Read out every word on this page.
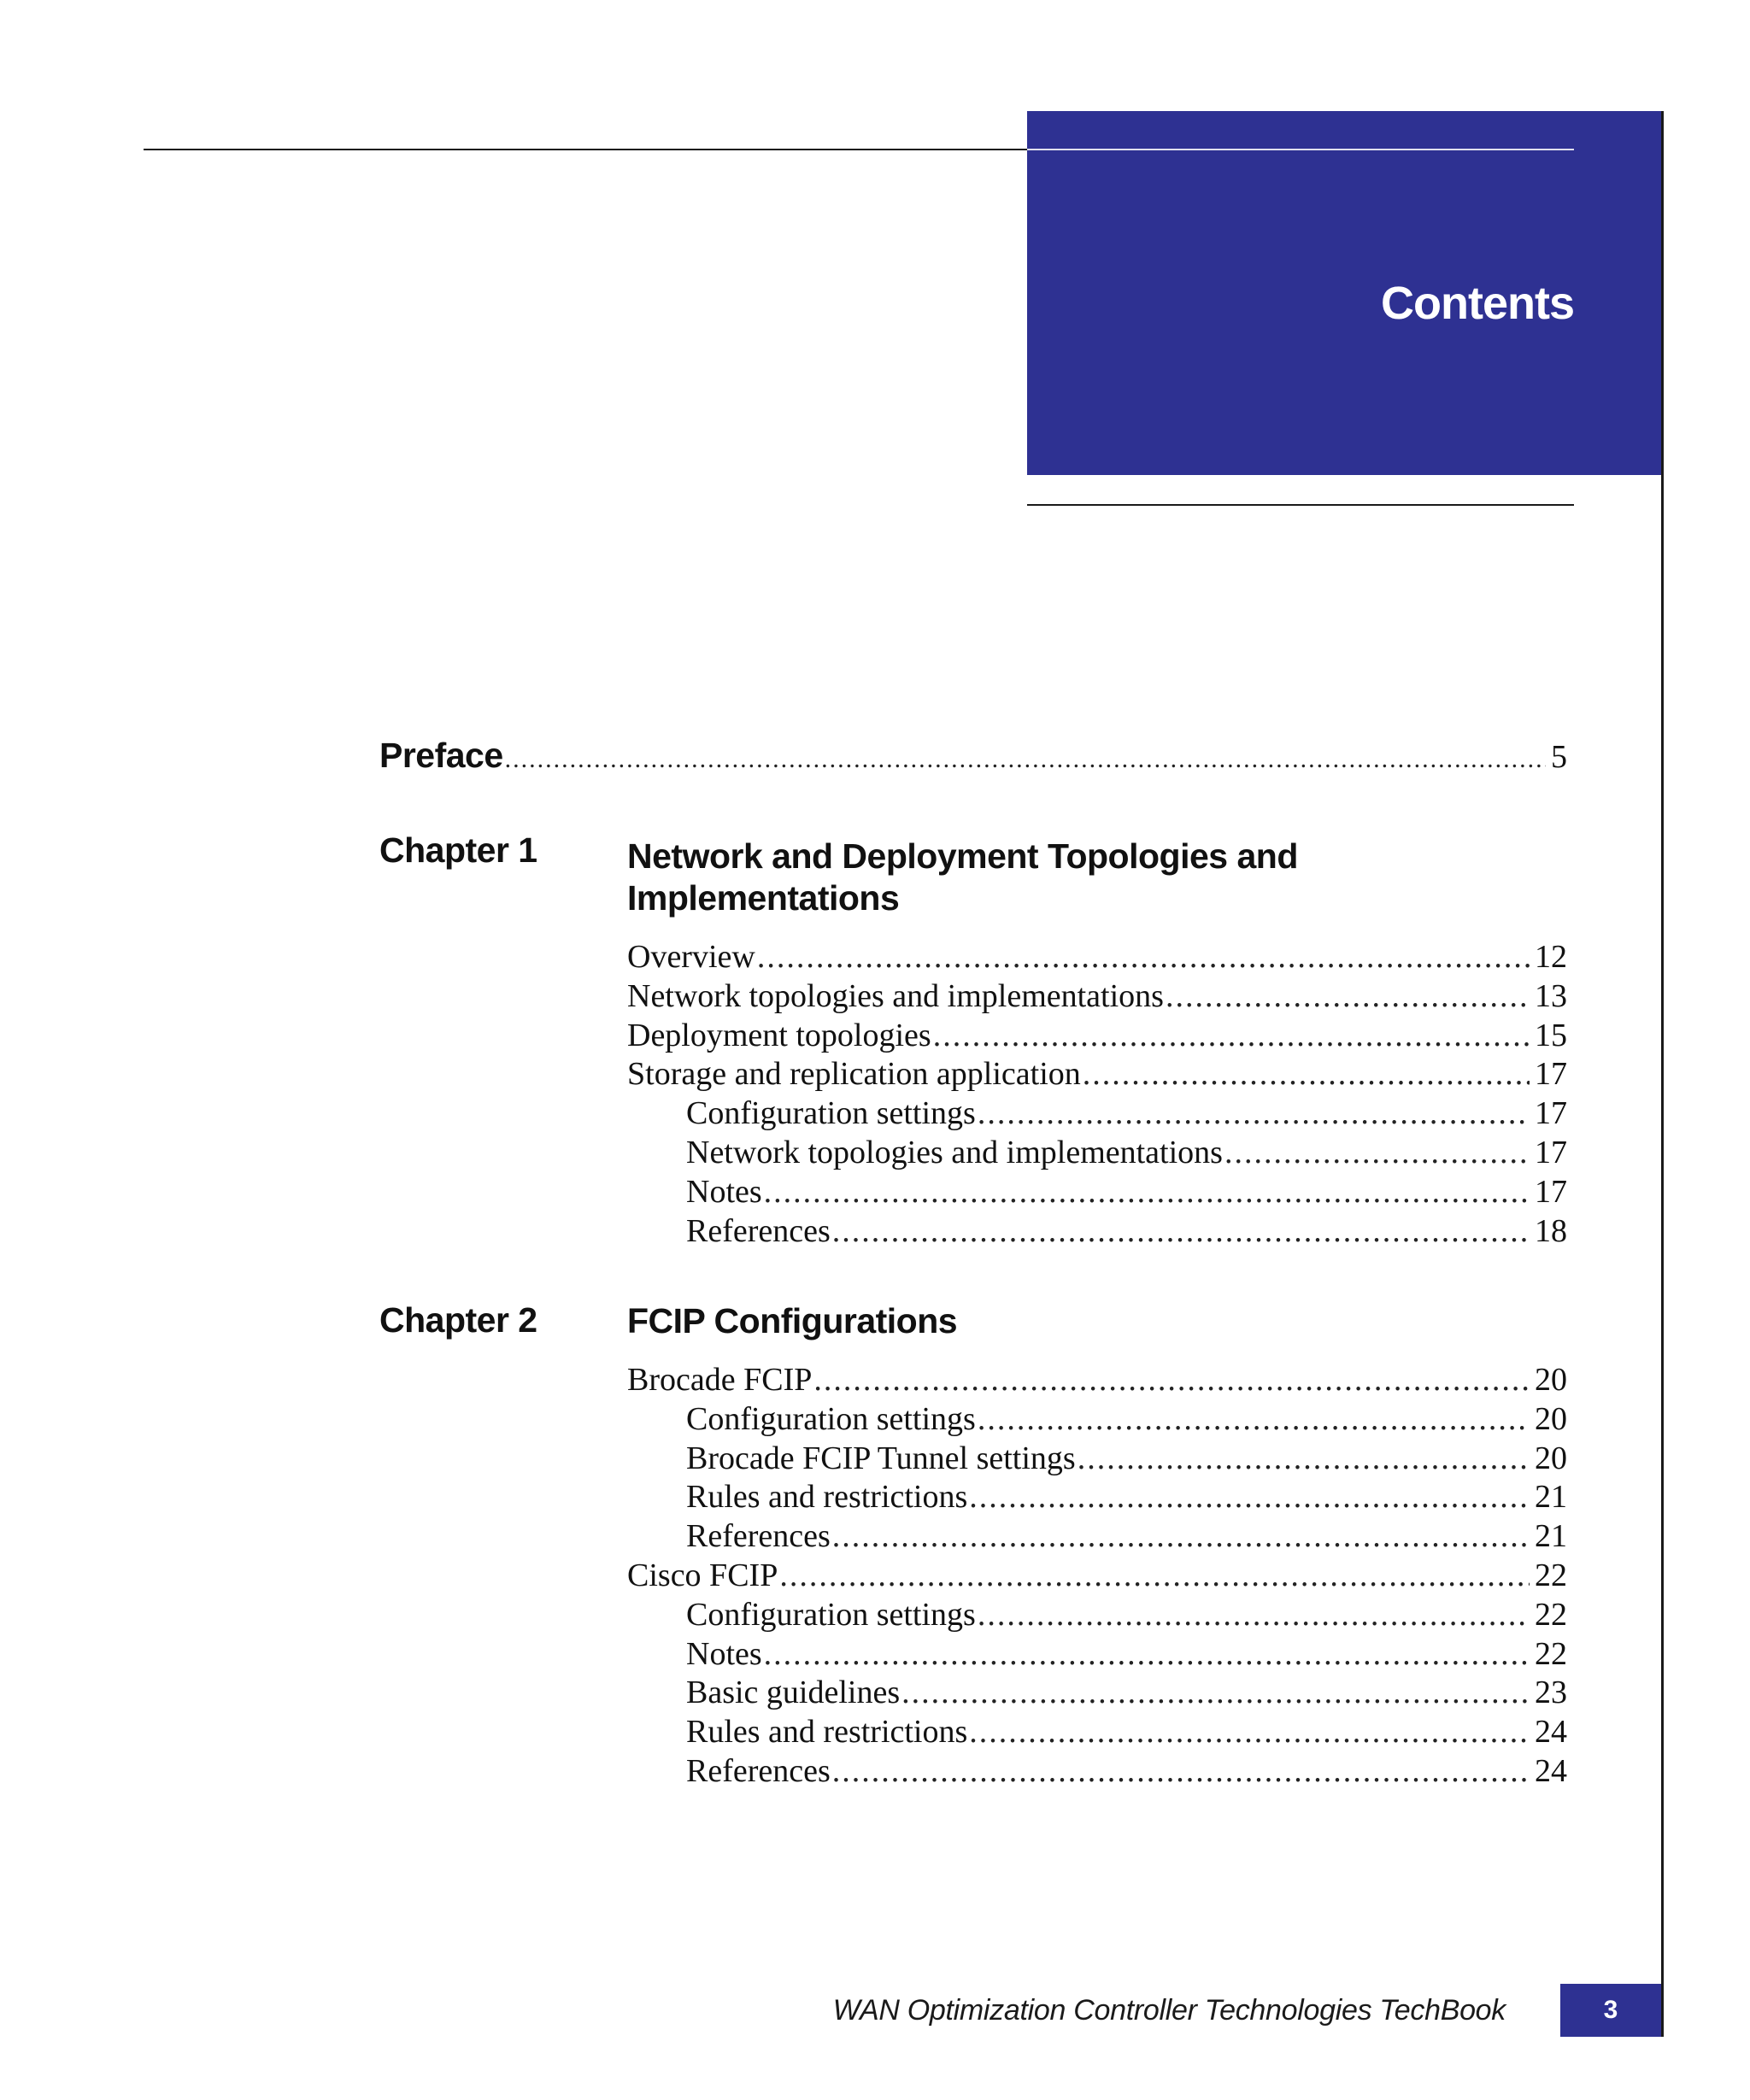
Contents
Preface .....	5
Chapter 1	Network and Deployment Topologies and Implementations
Overview .....	12
Network topologies and implementations .....	13
Deployment topologies .....	15
Storage and replication application .....	17
Configuration settings .....	17
Network topologies and implementations .....	17
Notes .....	17
References .....	18
Chapter 2	FCIP Configurations
Brocade FCIP .....	20
Configuration settings .....	20
Brocade FCIP Tunnel settings .....	20
Rules and restrictions .....	21
References .....	21
Cisco FCIP .....	22
Configuration settings .....	22
Notes .....	22
Basic guidelines .....	23
Rules and restrictions .....	24
References .....	24
WAN Optimization Controller Technologies TechBook	3
